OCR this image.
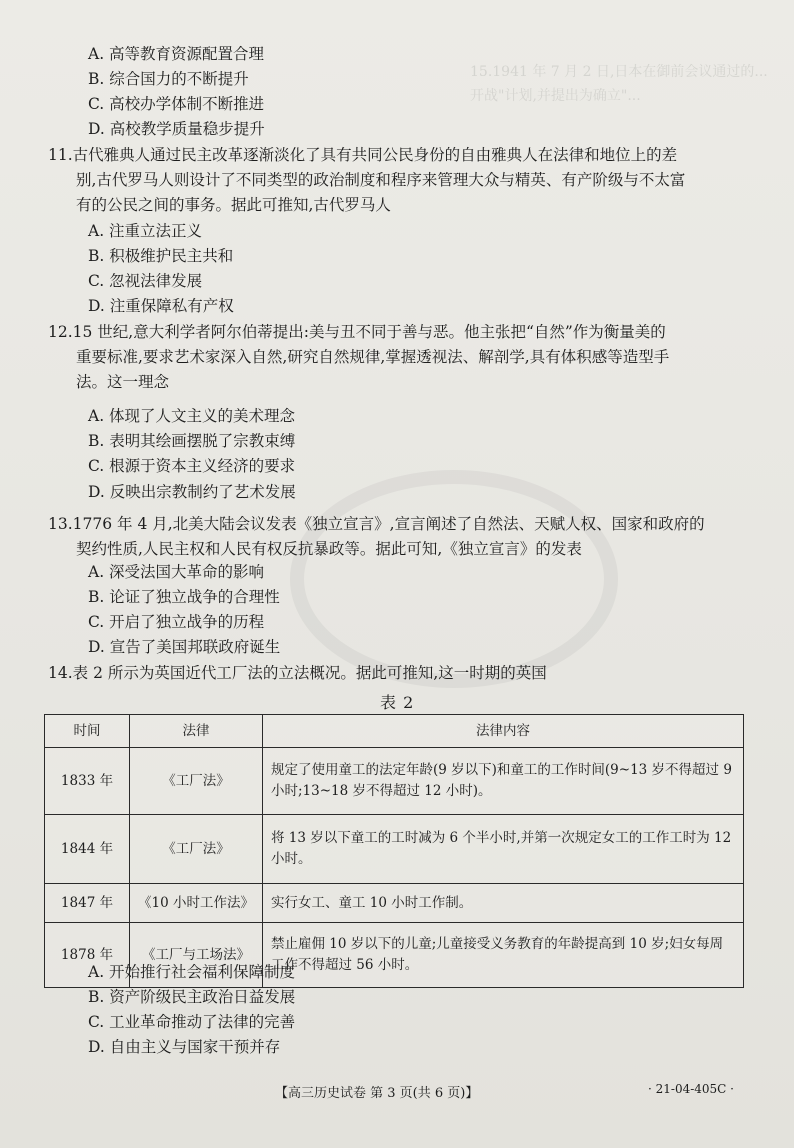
15.1941 年 7 月 2 日,日本在御前会议通过的...
开战"计划,并提出为确立"...
A. 高等教育资源配置合理
B. 综合国力的不断提升
C. 高校办学体制不断推进
D. 高校教学质量稳步提升
11.古代雅典人通过民主改革逐渐淡化了具有共同公民身份的自由雅典人在法律和地位上的差
别,古代罗马人则设计了不同类型的政治制度和程序来管理大众与精英、有产阶级与不太富
有的公民之间的事务。据此可推知,古代罗马人
A. 注重立法正义
B. 积极维护民主共和
C. 忽视法律发展
D. 注重保障私有产权
12.15 世纪,意大利学者阿尔伯蒂提出:美与丑不同于善与恶。他主张把“自然”作为衡量美的
重要标准,要求艺术家深入自然,研究自然规律,掌握透视法、解剖学,具有体积感等造型手
法。这一理念
A. 体现了人文主义的美术理念
B. 表明其绘画摆脱了宗教束缚
C. 根源于资本主义经济的要求
D. 反映出宗教制约了艺术发展
13.1776 年 4 月,北美大陆会议发表《独立宣言》,宣言阐述了自然法、天赋人权、国家和政府的
契约性质,人民主权和人民有权反抗暴政等。据此可知,《独立宣言》的发表
A. 深受法国大革命的影响
B. 论证了独立战争的合理性
C. 开启了独立战争的历程
D. 宣告了美国邦联政府诞生
14.表 2 所示为英国近代工厂法的立法概况。据此可推知,这一时期的英国
表 2
时间	法律	法律内容
1833 年	《工厂法》	规定了使用童工的法定年龄(9 岁以下)和童工的工作时间(9~13 岁不得超过 9 小时;13~18 岁不得超过 12 小时)。
1844 年	《工厂法》	将 13 岁以下童工的工时减为 6 个半小时,并第一次规定女工的工作工时为 12 小时。
1847 年	《10 小时工作法》	实行女工、童工 10 小时工作制。
1878 年	《工厂与工场法》	禁止雇佣 10 岁以下的儿童;儿童接受义务教育的年龄提高到 10 岁;妇女每周工作不得超过 56 小时。
A. 开始推行社会福利保障制度
B. 资产阶级民主政治日益发展
C. 工业革命推动了法律的完善
D. 自由主义与国家干预并存
【高三历史试卷 第 3 页(共 6 页)】	· 21-04-405C ·
